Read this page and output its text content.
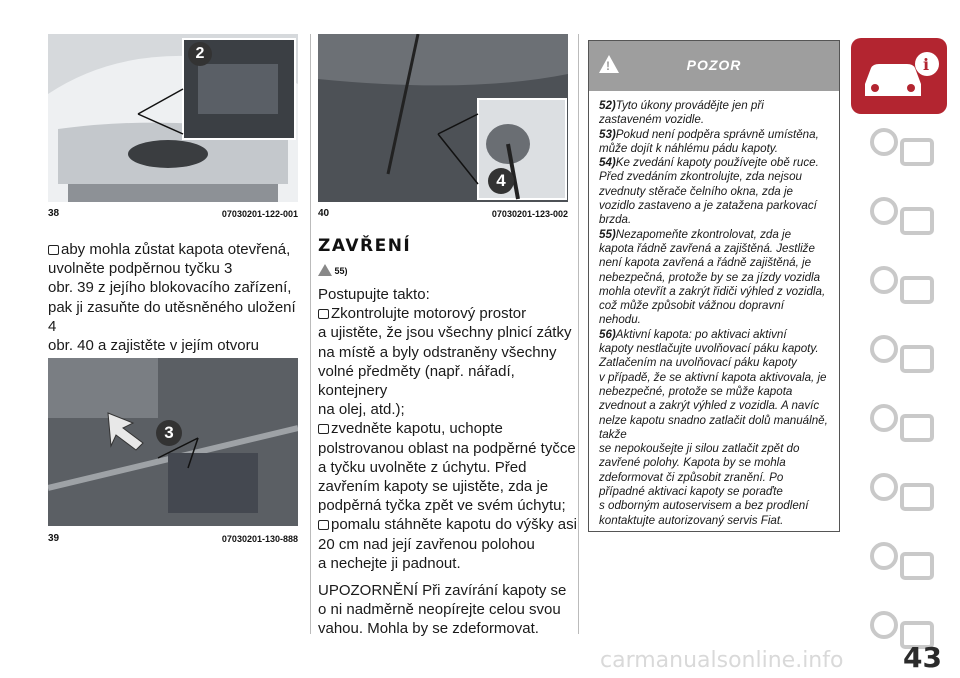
2
38	07030201-122-001
aby mohla zůstat kapota otevřená,
uvolněte podpěrnou tyčku 3
obr. 39 z jejího blokovacího zařízení,
pak ji zasuňte do utěsněného uložení 4
obr. 40 a zajistěte v jejím otvoru
3
39	07030201-130-888
4
40	07030201-123-002
ZAVŘENÍ
55)
Postupujte takto:
Zkontrolujte motorový prostor
a ujistěte, že jsou všechny plnicí zátky
na místě a byly odstraněny všechny
volné předměty (např. nářadí, kontejnery
na olej, atd.);
zvedněte kapotu, uchopte
polstrovanou oblast na podpěrné tyčce
a tyčku uvolněte z úchytu. Před
zavřením kapoty se ujistěte, zda je
podpěrná tyčka zpět ve svém úchytu;
pomalu stáhněte kapotu do výšky asi
20 cm nad její zavřenou polohou
a nechejte ji padnout.
UPOZORNĚNÍ Při zavírání kapoty se
o ni nadměrně neopírejte celou svou
vahou. Mohla by se zdeformovat.
!	POZOR
52)Tyto úkony provádějte jen při
zastaveném vozidle.
53)Pokud není podpěra správně umístěna,
může dojít k náhlému pádu kapoty.
54)Ke zvedání kapoty používejte obě ruce.
Před zvedáním zkontrolujte, zda nejsou
zvednuty stěrače čelního okna, zda je
vozidlo zastaveno a je zatažena parkovací
brzda.
55)Nezapomeňte zkontrolovat, zda je
kapota řádně zavřená a zajištěná. Jestliže
není kapota zavřená a řádně zajištěná, je
nebezpečná, protože by se za jízdy vozidla
mohla otevřít a zakrýt řidiči výhled z vozidla,
což může způsobit vážnou dopravní
nehodu.
56)Aktivní kapota: po aktivaci aktivní
kapoty nestlačujte uvolňovací páku kapoty.
Zatlačením na uvolňovací páku kapoty
v případě, že se aktivní kapota aktivovala, je
nebezpečné, protože se může kapota
zvednout a zakrýt výhled z vozidla. A navíc
nelze kapotu snadno zatlačit dolů manuálně, takže
se nepokoušejte ji silou zatlačit zpět do
zavřené polohy. Kapota by se mohla
zdeformovat či způsobit zranění. Po
případné aktivaci kapoty se poraďte
s odborným autoservisem a bez prodlení
kontaktujte autorizovaný servis Fiat.
i
43
carmanualsonline.info
